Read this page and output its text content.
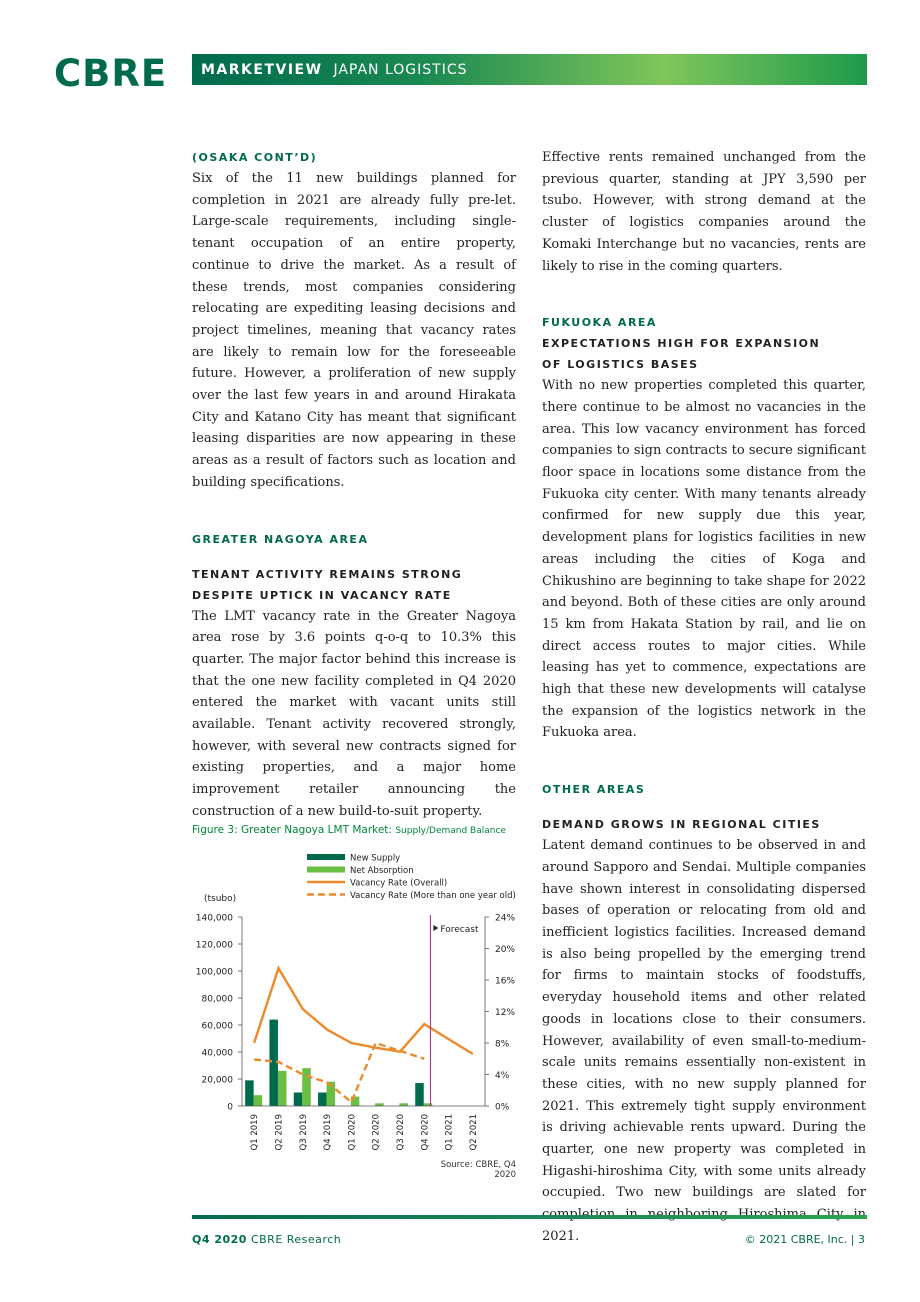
CBRE MARKETVIEW JAPAN LOGISTICS
(OSAKA CONT’D)

Six of the 11 new buildings planned for completion in 2021 are already fully pre-let. Large-scale requirements, including single-tenant occupation of an entire property, continue to drive the market. As a result of these trends, most companies considering relocating are expediting leasing decisions and project timelines, meaning that vacancy rates are likely to remain low for the foreseeable future. However, a proliferation of new supply over the last few years in and around Hirakata City and Katano City has meant that significant leasing disparities are now appearing in these areas as a result of factors such as location and building specifications.

GREATER NAGOYA AREA
TENANT ACTIVITY REMAINS STRONG
DESPITE UPTICK IN VACANCY RATE

The LMT vacancy rate in the Greater Nagoya area rose by 3.6 points q-o-q to 10.3% this quarter. The major factor behind this increase is that the one new facility completed in Q4 2020 entered the market with vacant units still available. Tenant activity recovered strongly, however, with several new contracts signed for existing properties, and a major home improvement retailer announcing the construction of a new build-to-suit property.

Figure 3: Greater Nagoya LMT Market: Supply/Demand Balance
0
20,000
40,000
60,000
80,000
100,000
120,000
140,000
(tsubo)
0%
4%
8%
12%
16%
20%
24%
Q1 2019 Q2 2019 Q3 2019 Q4 2019 Q1 2020 Q2 2020 Q3 2020 Q4 2020 Q1 2021 Q2 2021
Forecast
New Supply
Net Absorption
Vacancy Rate (Overall)
Vacancy Rate (More than one year old)
Source: CBRE, Q4 2020

Effective rents remained unchanged from the previous quarter, standing at JPY 3,590 per tsubo. However, with strong demand at the cluster of logistics companies around the Komaki Interchange but no vacancies, rents are likely to rise in the coming quarters.

FUKUOKA AREA
EXPECTATIONS HIGH FOR EXPANSION
OF LOGISTICS BASES

With no new properties completed this quarter, there continue to be almost no vacancies in the area. This low vacancy environment has forced companies to sign contracts to secure significant floor space in locations some distance from the Fukuoka city center. With many tenants already confirmed for new supply due this year, development plans for logistics facilities in new areas including the cities of Koga and Chikushino are beginning to take shape for 2022 and beyond. Both of these cities are only around 15 km from Hakata Station by rail, and lie on direct access routes to major cities. While leasing has yet to commence, expectations are high that these new developments will catalyse the expansion of the logistics network in the Fukuoka area.

OTHER AREAS
DEMAND GROWS IN REGIONAL CITIES

Latent demand continues to be observed in and around Sapporo and Sendai. Multiple companies have shown interest in consolidating dispersed bases of operation or relocating from old and inefficient logistics facilities. Increased demand is also being propelled by the emerging trend for firms to maintain stocks of foodstuffs, everyday household items and other related goods in locations close to their consumers. However, availability of even small-to-medium-scale units remains essentially non-existent in these cities, with no new supply planned for 2021. This extremely tight supply environment is driving achievable rents upward. During the quarter, one new property was completed in Higashi-hiroshima City, with some units already occupied. Two new buildings are slated for 2021.

Q4 2020 CBRE Research	© 2021 CBRE, Inc. | 3
